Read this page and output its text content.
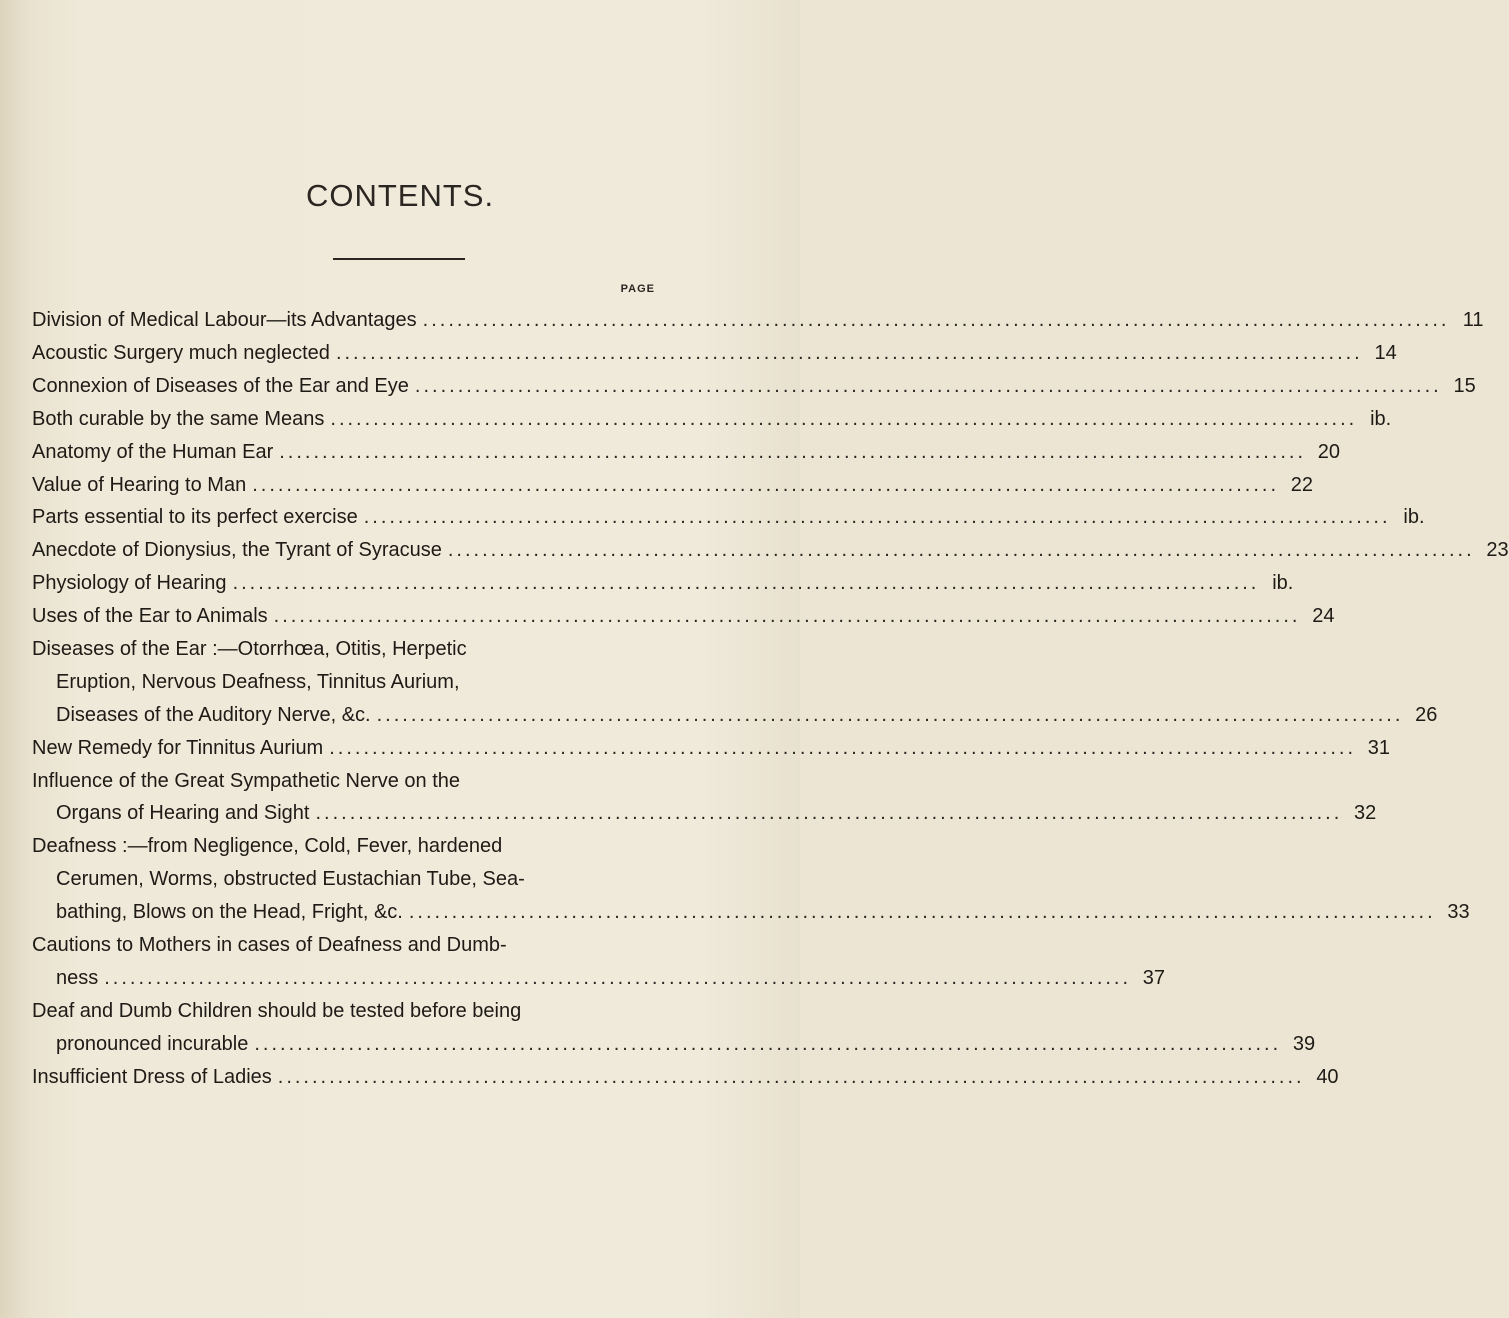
CONTENTS.
PAGE
Division of Medical Labour—its Advantages ........................................................................................................................ 11
Acoustic Surgery much neglected ........................................................................................................................ 14
Connexion of Diseases of the Ear and Eye ........................................................................................................................ 15
Both curable by the same Means ........................................................................................................................ ib.
Anatomy of the Human Ear ........................................................................................................................ 20
Value of Hearing to Man ........................................................................................................................ 22
Parts essential to its perfect exercise ........................................................................................................................ ib.
Anecdote of Dionysius, the Tyrant of Syracuse ........................................................................................................................ 23
Physiology of Hearing ........................................................................................................................ ib.
Uses of the Ear to Animals ........................................................................................................................ 24
Diseases of the Ear :—Otorrhœa, Otitis, Herpetic
Eruption, Nervous Deafness, Tinnitus Aurium,
Diseases of the Auditory Nerve, &c. ........................................................................................................................ 26
New Remedy for Tinnitus Aurium ........................................................................................................................ 31
Influence of the Great Sympathetic Nerve on the
Organs of Hearing and Sight ........................................................................................................................ 32
Deafness :—from Negligence, Cold, Fever, hardened
Cerumen, Worms, obstructed Eustachian Tube, Sea-
bathing, Blows on the Head, Fright, &c. ........................................................................................................................ 33
Cautions to Mothers in cases of Deafness and Dumb-
ness ........................................................................................................................ 37
Deaf and Dumb Children should be tested before being
pronounced incurable ........................................................................................................................ 39
Insufficient Dress of Ladies ........................................................................................................................ 40
